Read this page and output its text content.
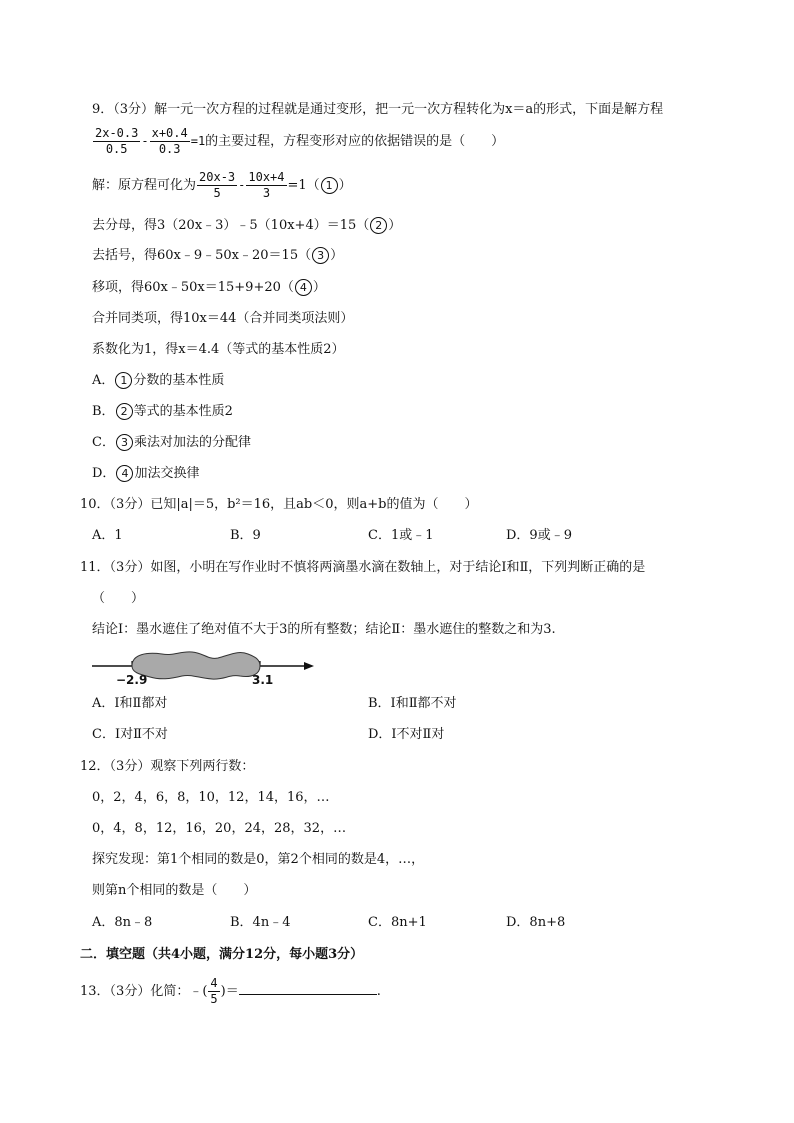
9．（3分）解一元一次方程的过程就是通过变形，把一元一次方程转化为x＝a的形式，下面是解方程
$\frac{2x-0.3}{0.5} - \frac{x+0.4}{0.3} =1$的主要过程，方程变形对应的依据错误的是（　　）
解：原方程可化为 $\frac{20x-3}{5} - \frac{10x+4}{3} =1$（ 1 ）
去分母，得3（20x﹣3）﹣5（10x+4）＝15（ 2 ）
去括号，得60x﹣9﹣50x﹣20＝15（ 3 ）
移项，得60x﹣50x＝15+9+20（ 4 ）
合并同类项，得10x＝44（合并同类项法则）
系数化为1，得x＝4.4（等式的基本性质2）
A． 1 分数的基本性质
B． 2 等式的基本性质2
C． 3 乘法对加法的分配律
D． 4 加法交换律
10．（3分）已知|a|＝5，b²＝16，且ab＜0，则a+b的值为（　　）
A．1	B．9	C．1或﹣1	D．9或﹣9
11．（3分）如图，小明在写作业时不慎将两滴墨水滴在数轴上，对于结论Ⅰ和Ⅱ，下列判断正确的是
（　　）
结论Ⅰ：墨水遮住了绝对值不大于3的所有整数；结论Ⅱ：墨水遮住的整数之和为3.
−2.9	3.1
A．Ⅰ和Ⅱ都对	B．Ⅰ和Ⅱ都不对
C．Ⅰ对Ⅱ不对	D．Ⅰ不对Ⅱ对
12．（3分）观察下列两行数：
0，2，4，6，8，10，12，14，16，…
0，4，8，12，16，20，24，28，32，…
探究发现：第1个相同的数是0，第2个相同的数是4，…，
则第n个相同的数是（　　）
A．8n﹣8	B．4n﹣4	C．8n+1	D．8n+8
二．填空题（共4小题，满分12分，每小题3分）
13．（3分）化简：﹣( $\frac{4}{5}$ )＝	.
